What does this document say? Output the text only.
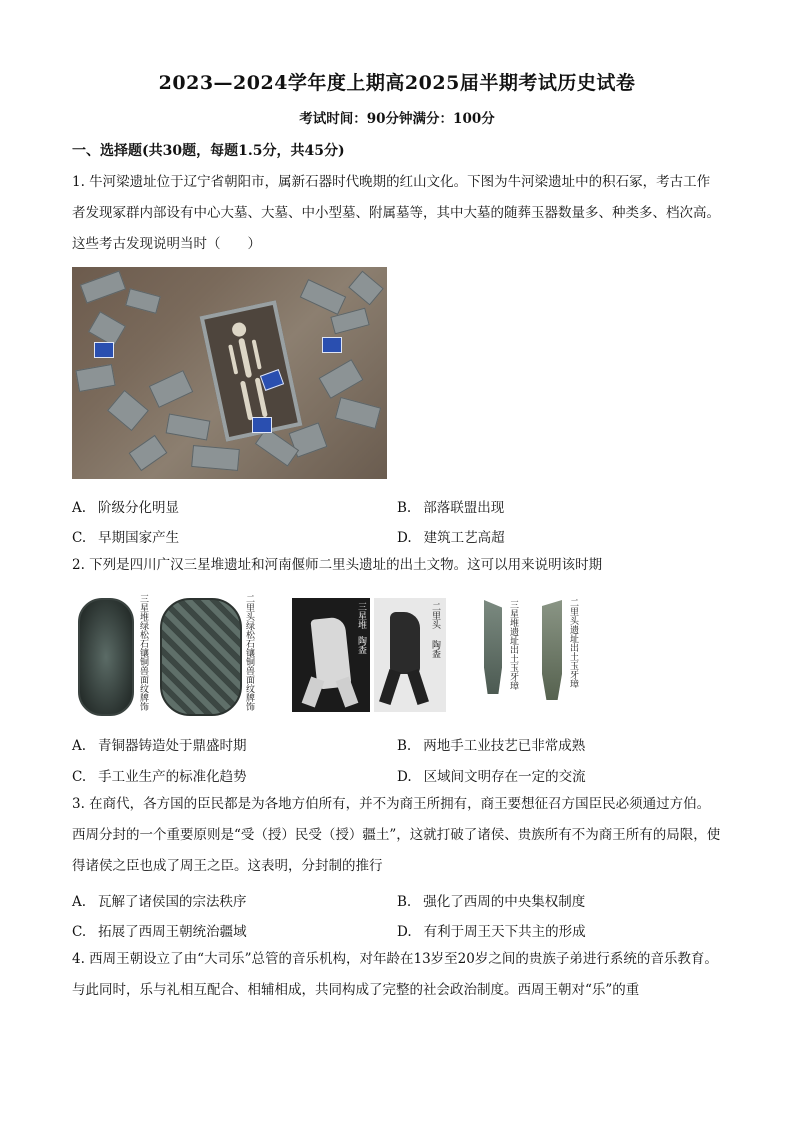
2023—2024学年度上期高2025届半期考试历史试卷
考试时间：90分钟满分：100分
一、选择题(共30题，每题1.5分，共45分)
1. 牛河梁遗址位于辽宁省朝阳市，属新石器时代晚期的红山文化。下图为牛河梁遗址中的积石冢，考古工作者发现冢群内部设有中心大墓、大墓、中小型墓、附属墓等，其中大墓的随葬玉器数量多、种类多、档次高。这些考古发现说明当时（　　）
A. 阶级分化明显	B. 部落联盟出现
C. 早期国家产生	D. 建筑工艺高超
2. 下列是四川广汉三星堆遗址和河南偃师二里头遗址的出土文物。这可以用来说明该时期
三星堆绿松石镶铜兽面纹牌饰	二里头绿松石镶铜兽面纹牌饰	三星堆
陶盉
二里头
陶盉	三星堆遗址出土玉牙璋	二里头遗址出土玉牙璋
A. 青铜器铸造处于鼎盛时期	B. 两地手工业技艺已非常成熟
C. 手工业生产的标准化趋势	D. 区域间文明存在一定的交流
3. 在商代，各方国的臣民都是为各地方伯所有，并不为商王所拥有，商王要想征召方国臣民必须通过方伯。西周分封的一个重要原则是“受（授）民受（授）疆土”，这就打破了诸侯、贵族所有不为商王所有的局限，使得诸侯之臣也成了周王之臣。这表明，分封制的推行
A. 瓦解了诸侯国的宗法秩序	B. 强化了西周的中央集权制度
C. 拓展了西周王朝统治疆域	D. 有利于周王天下共主的形成
4. 西周王朝设立了由“大司乐”总管的音乐机构，对年龄在13岁至20岁之间的贵族子弟进行系统的音乐教育。与此同时，乐与礼相互配合、相辅相成，共同构成了完整的社会政治制度。西周王朝对“乐”的重
